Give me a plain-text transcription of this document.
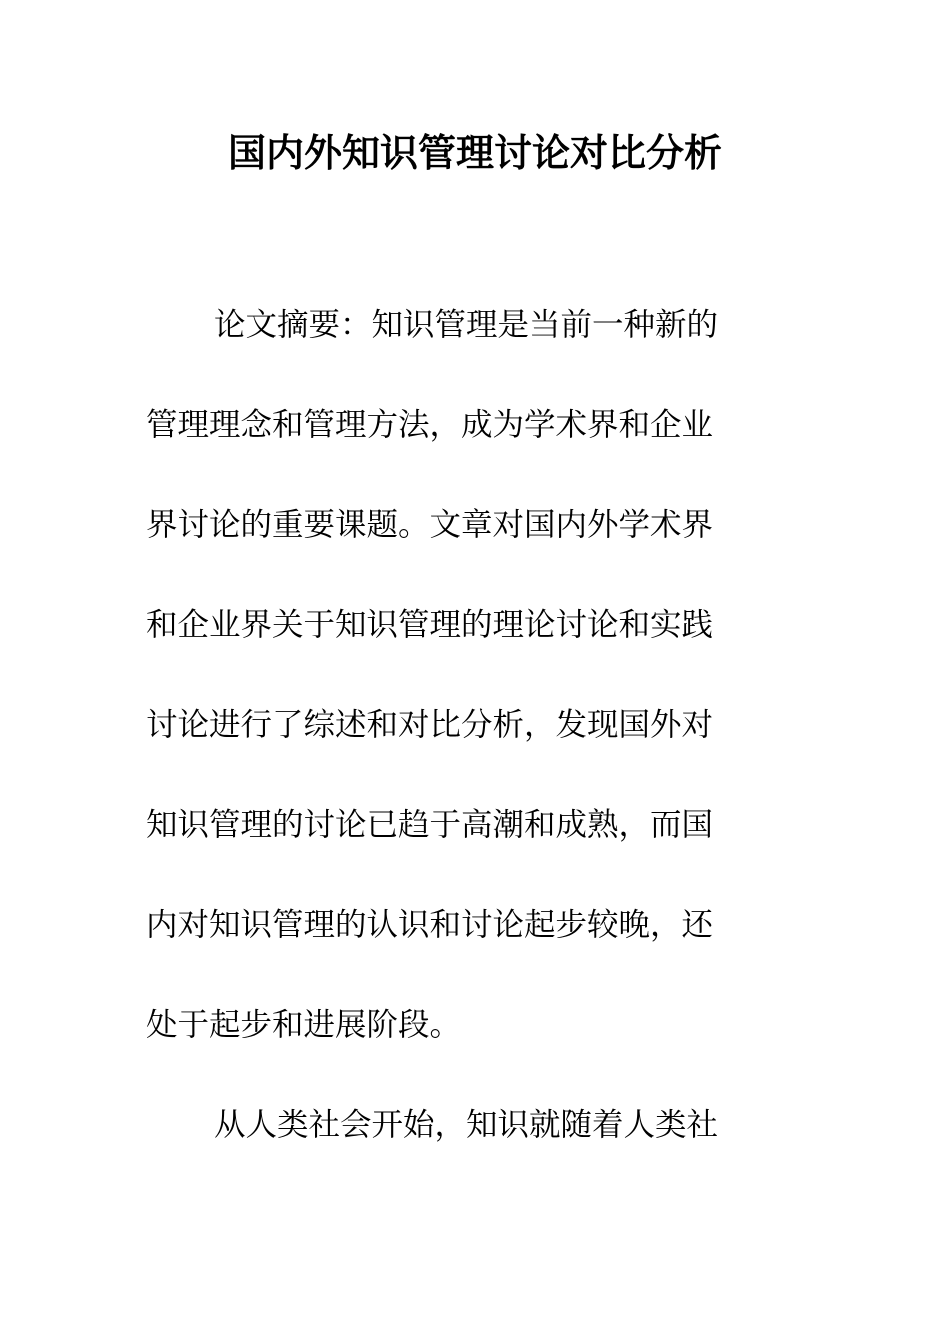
国内外知识管理讨论对比分析
论文摘要：知识管理是当前一种新的
管理理念和管理方法，成为学术界和企业
界讨论的重要课题。文章对国内外学术界
和企业界关于知识管理的理论讨论和实践
讨论进行了综述和对比分析，发现国外对
知识管理的讨论已趋于高潮和成熟，而国
内对知识管理的认识和讨论起步较晚，还
处于起步和进展阶段。
从人类社会开始，知识就随着人类社
